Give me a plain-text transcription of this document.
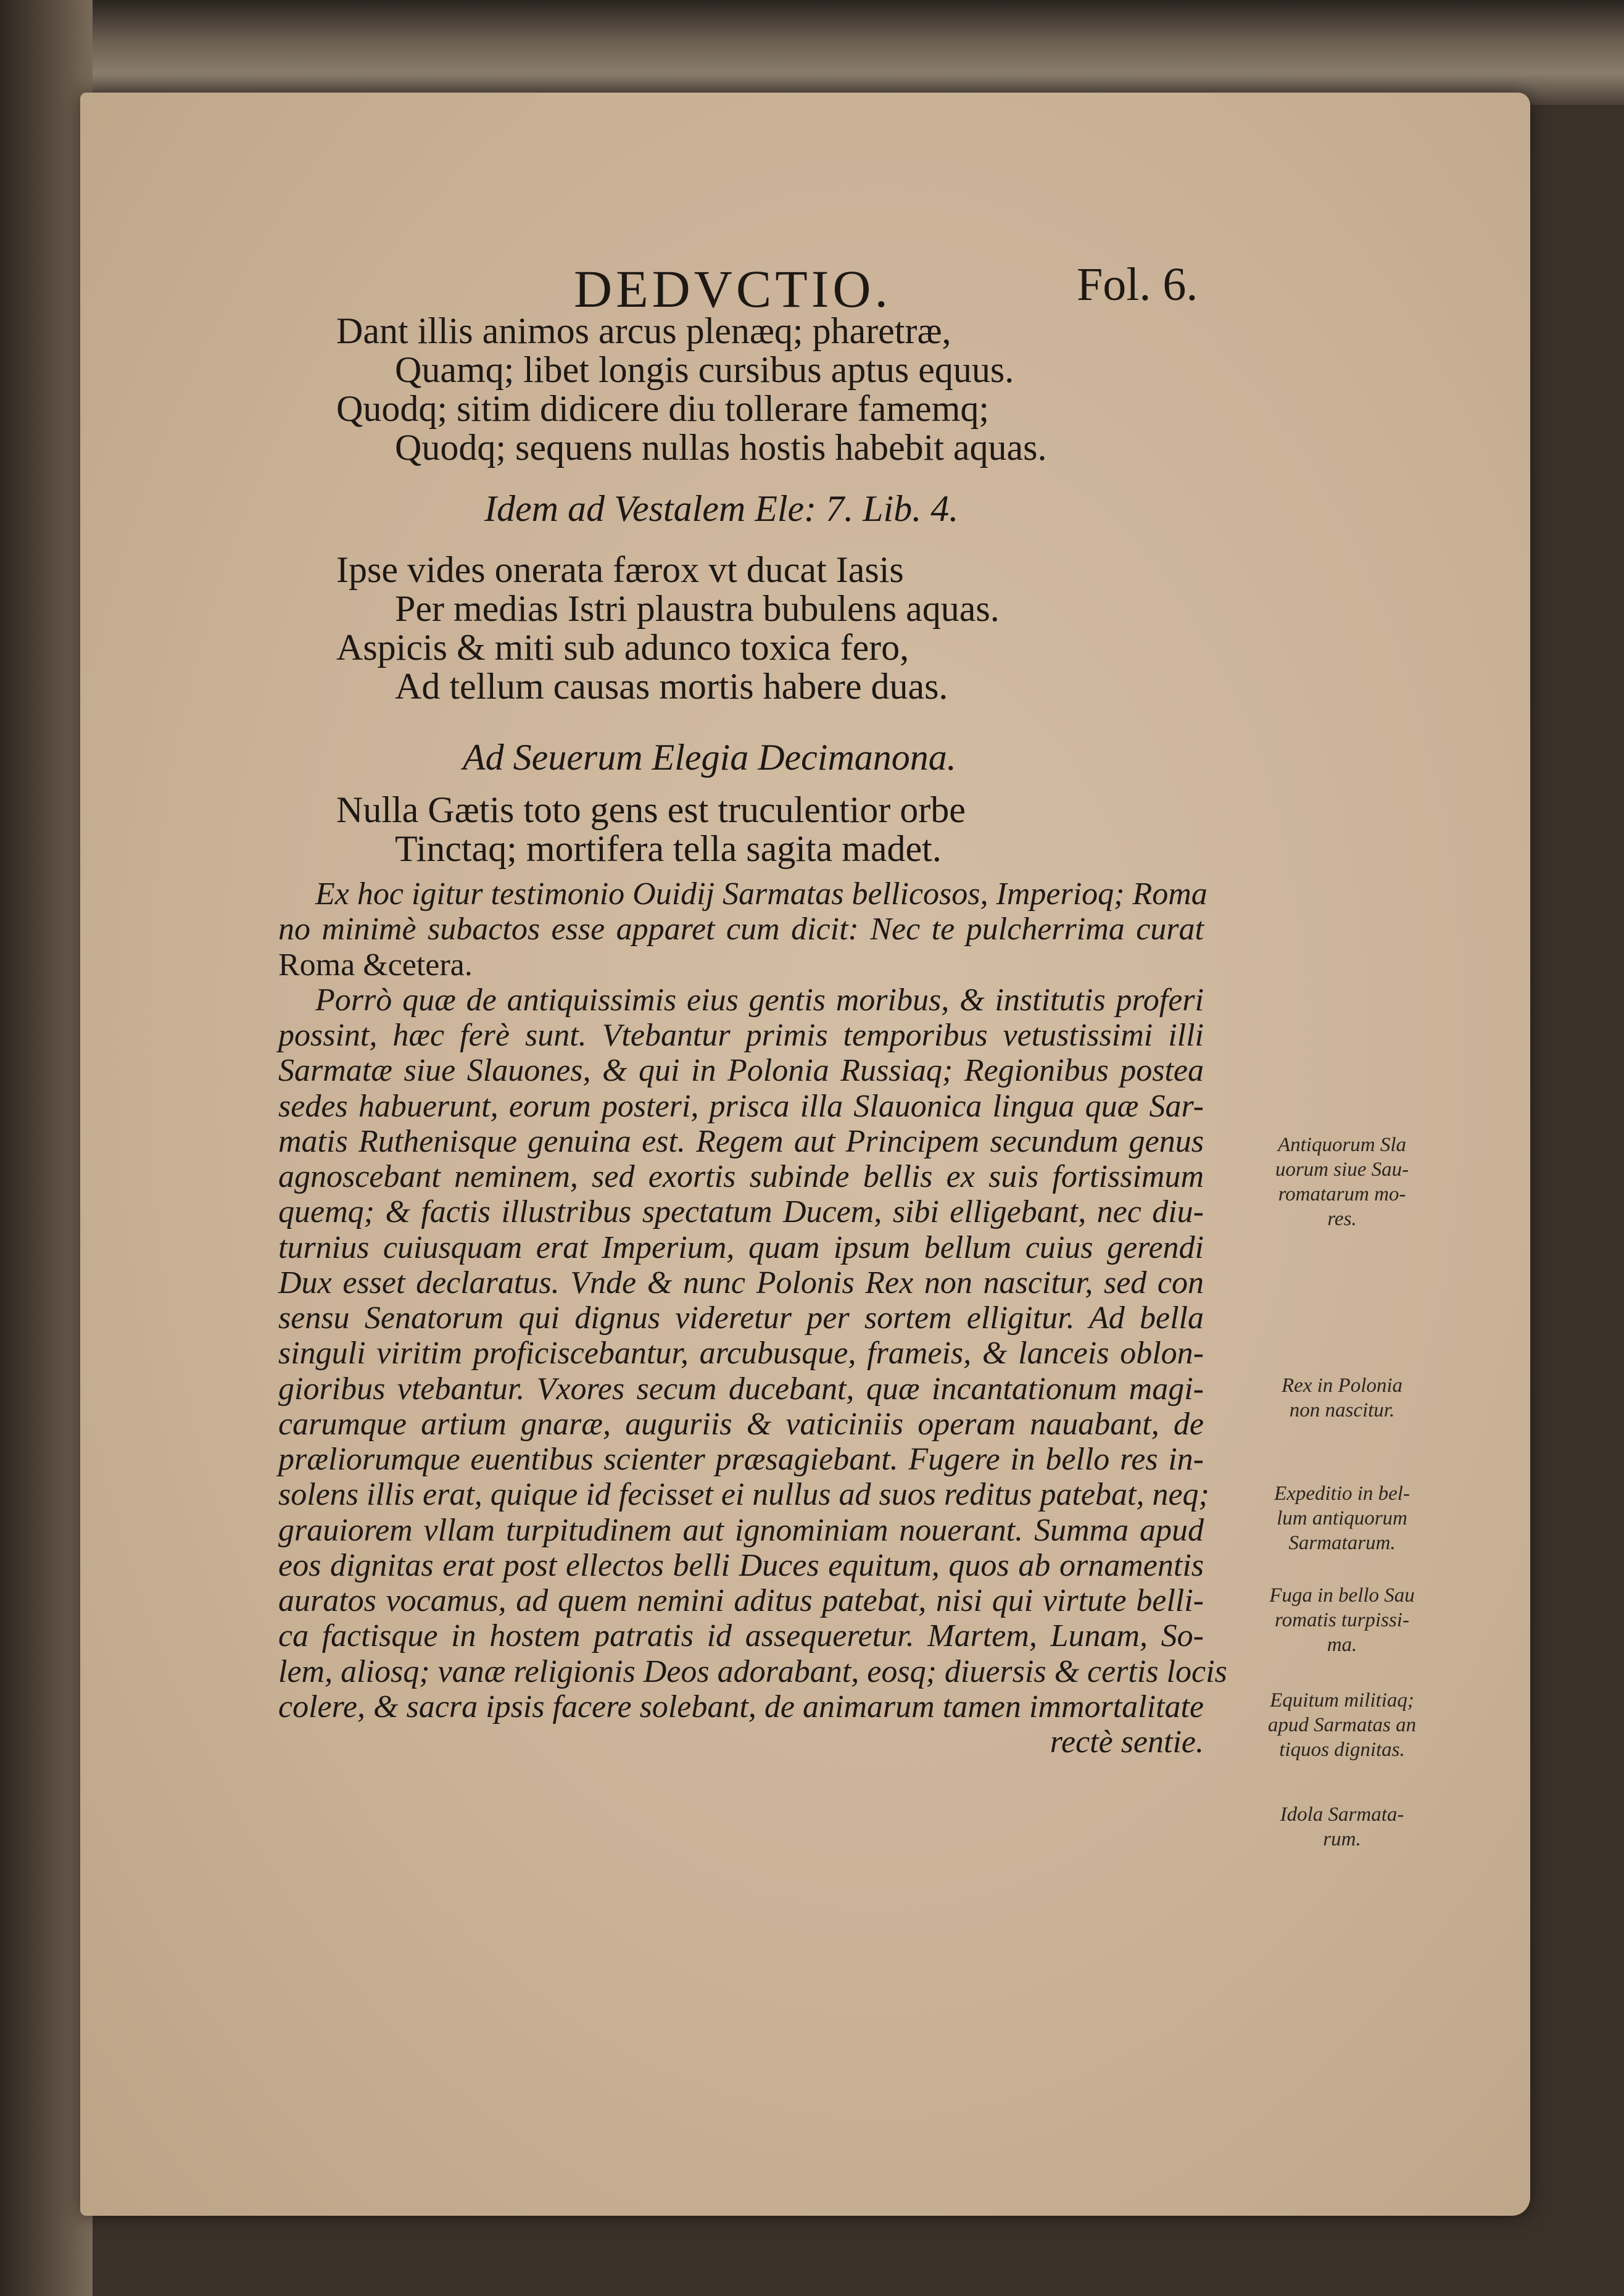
DEDVCTIO.	Fol. 6.
Dant illis animos arcus plenæq; pharetræ,
Quamq; libet longis cursibus aptus equus.
Quodq; sitim didicere diu tollerare famemq;
Quodq; sequens nullas hostis habebit aquas.
Idem ad Vestalem Ele: 7. Lib. 4.
Ipse vides onerata færox vt ducat Iasis
Per medias Istri plaustra bubulens aquas.
Aspicis & miti sub adunco toxica fero,
Ad tellum causas mortis habere duas.
Ad Seuerum Elegia Decimanona.
Nulla Gætis toto gens est truculentior orbe
Tinctaq; mortifera tella sagita madet.
Ex hoc igitur testimonio Ouidij Sarmatas bellicosos, Imperioq; Roma
no minimè subactos esse apparet cum dicit: Nec te pulcherrima curat
Roma &cetera.
Porrò quæ de antiquissimis eius gentis moribus, & institutis proferi
possint, hæc ferè sunt. Vtebantur primis temporibus vetustissimi illi
Sarmatæ siue Slauones, & qui in Polonia Russiaq; Regionibus postea
sedes habuerunt, eorum posteri, prisca illa Slauonica lingua quæ Sar-
matis Ruthenisque genuina est. Regem aut Principem secundum genus
agnoscebant neminem, sed exortis subinde bellis ex suis fortissimum
quemq; & factis illustribus spectatum Ducem, sibi elligebant, nec diu-
turnius cuiusquam erat Imperium, quam ipsum bellum cuius gerendi
Dux esset declaratus. Vnde & nunc Polonis Rex non nascitur, sed con
sensu Senatorum qui dignus videretur per sortem elligitur. Ad bella
singuli viritim proficiscebantur, arcubusque, frameis, & lanceis oblon-
gioribus vtebantur. Vxores secum ducebant, quæ incantationum magi-
carumque artium gnaræ, auguriis & vaticiniis operam nauabant, de
præliorumque euentibus scienter præsagiebant. Fugere in bello res in-
solens illis erat, quique id fecisset ei nullus ad suos reditus patebat, neq;
grauiorem vllam turpitudinem aut ignominiam nouerant. Summa apud
eos dignitas erat post ellectos belli Duces equitum, quos ab ornamentis
auratos vocamus, ad quem nemini aditus patebat, nisi qui virtute belli-
ca factisque in hostem patratis id assequeretur. Martem, Lunam, So-
lem, aliosq; vanæ religionis Deos adorabant, eosq; diuersis & certis locis
colere, & sacra ipsis facere solebant, de animarum tamen immortalitate
rectè sentie.
Antiquorum Sla
uorum siue Sau-
romatarum mo-
res.
Rex in Polonia
non nascitur.
Expeditio in bel-
lum antiquorum
Sarmatarum.
Fuga in bello Sau
romatis turpissi-
ma.
Equitum militiaq;
apud Sarmatas an
tiquos dignitas.
Idola Sarmata-
rum.
